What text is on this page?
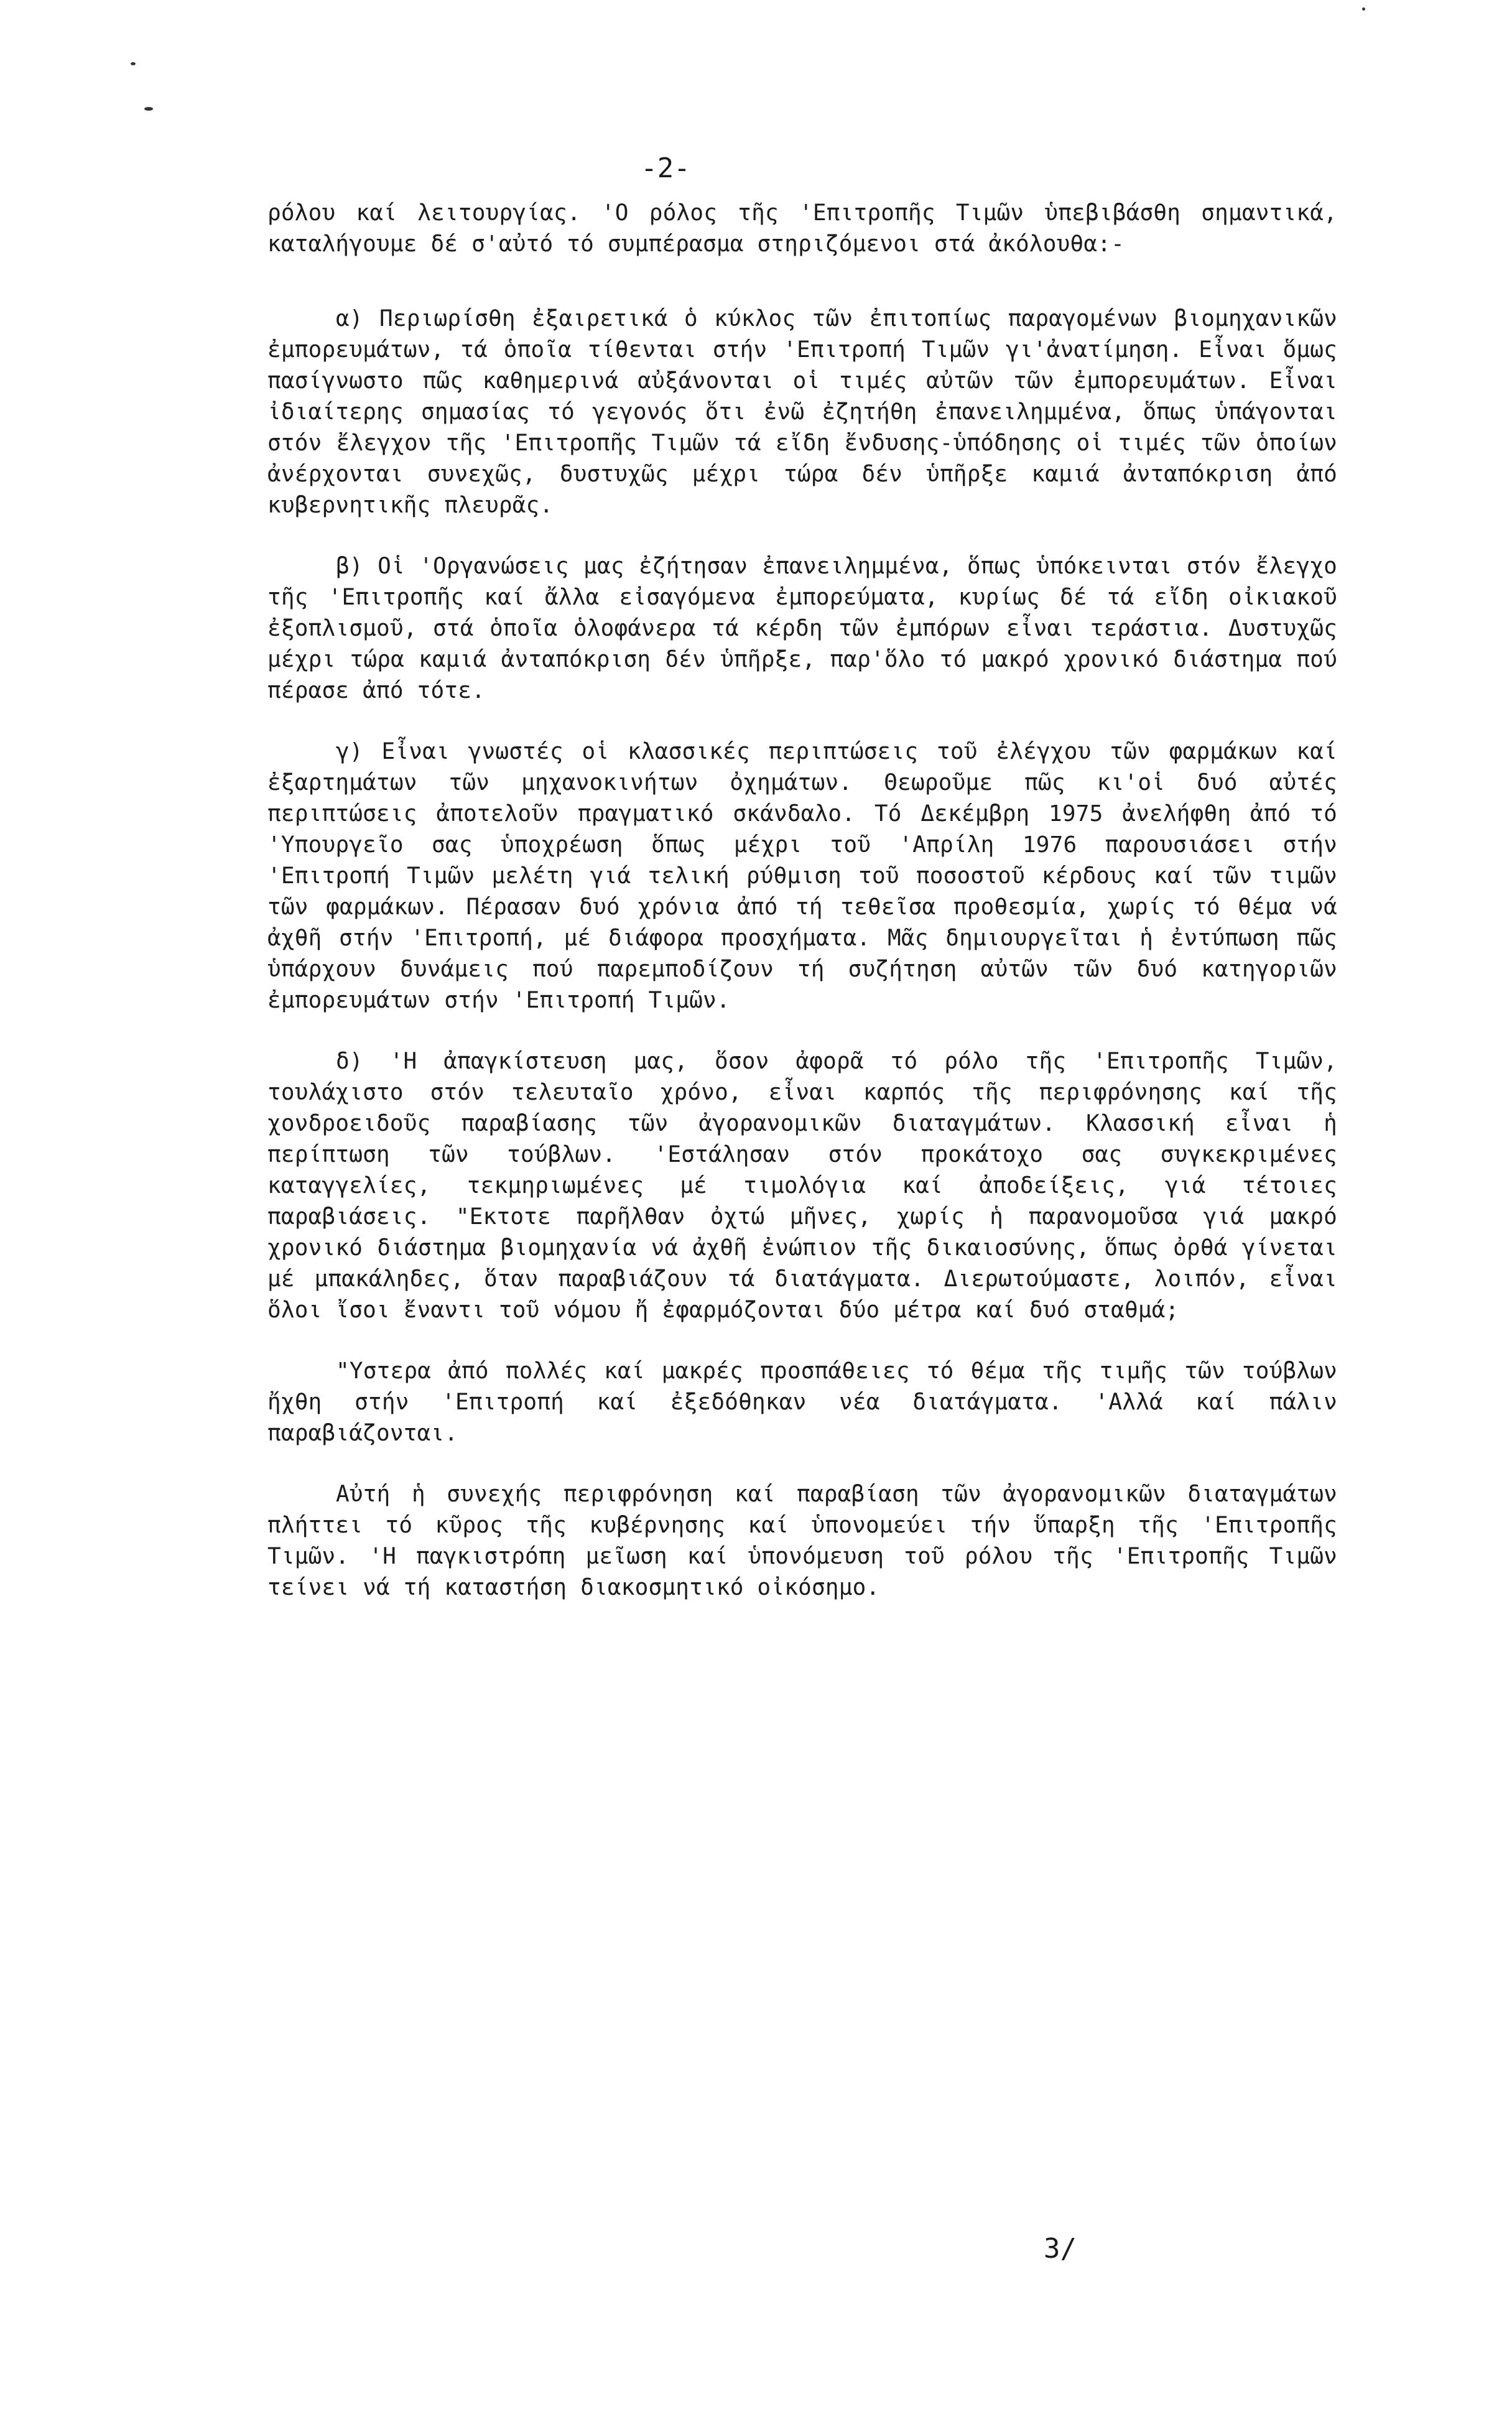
-2-

ρόλου καί λειτουργίας. 'Ο ρόλος τῆς 'Επιτροπῆς Τιμῶν ὑπεβιβάσθη σημαντικά, καταλήγουμε δέ σ'αὐτό τό συμπέρασμα στηριζόμενοι στά ἀκόλουθα:-

α) Περιωρίσθη ἐξαιρετικά ὁ κύκλος τῶν ἐπιτοπίως παραγομένων βιομηχανικῶν ἐμπορευμάτων, τά ὁποῖα τίθενται στήν 'Επιτροπή Τιμῶν γι'ἀνατίμηση. Εἶναι ὅμως πασίγνωστο πῶς καθημερινά αὐξάνονται οἱ τιμές αὐτῶν τῶν ἐμπορευμάτων. Εἶναι ἰδιαίτερης σημασίας τό γεγονός ὅτι ἐνῶ ἐζητήθη ἐπανειλημμένα, ὅπως ὑπάγονται στόν ἔλεγχον τῆς 'Επιτροπῆς Τιμῶν τά εἴδη ἔνδυσης-ὑπόδησης οἱ τιμές τῶν ὁποίων ἀνέρχονται συνεχῶς, δυστυχῶς μέχρι τώρα δέν ὑπῆρξε καμιά ἀνταπόκριση ἀπό κυβερνητικῆς πλευρᾶς.

β) Οἱ 'Οργανώσεις μας ἐζήτησαν ἐπανειλημμένα, ὅπως ὑπόκεινται στόν ἔλεγχο τῆς 'Επιτροπῆς καί ἄλλα εἰσαγόμενα ἐμπορεύματα, κυρίως δέ τά εἴδη οἰκιακοῦ ἐξοπλισμοῦ, στά ὁποῖα ὁλοφάνερα τά κέρδη τῶν ἐμπόρων εἶναι τεράστια. Δυστυχῶς μέχρι τώρα καμιά ἀνταπόκριση δέν ὑπῆρξε, παρ'ὅλο τό μακρό χρονικό διάστημα πού πέρασε ἀπό τότε.

γ) Εἶναι γνωστές οἱ κλασσικές περιπτώσεις τοῦ ἐλέγχου τῶν φαρμάκων καί ἐξαρτημάτων τῶν μηχανοκινήτων ὀχημάτων. Θεωροῦμε πῶς κι'οἱ δυό αὐτές περιπτώσεις ἀποτελοῦν πραγματικό σκάνδαλο. Τό Δεκέμβρη 1975 ἀνελήφθη ἀπό τό 'Υπουργεῖο σας ὑποχρέωση ὅπως μέχρι τοῦ 'Απρίλη 1976 παρουσιάσει στήν 'Επιτροπή Τιμῶν μελέτη γιά τελική ρύθμιση τοῦ ποσοστοῦ κέρδους καί τῶν τιμῶν τῶν φαρμάκων. Πέρασαν δυό χρόνια ἀπό τή τεθεῖσα προθεσμία, χωρίς τό θέμα νά ἀχθῆ στήν 'Επιτροπή, μέ διάφορα προσχήματα. Μᾶς δημιουργεῖται ἡ ἐντύπωση πῶς ὑπάρχουν δυνάμεις πού παρεμποδίζουν τή συζήτηση αὐτῶν τῶν δυό κατηγοριῶν ἐμπορευμάτων στήν 'Επιτροπή Τιμῶν.

δ) 'Η ἀπαγκίστευση μας, ὅσον ἀφορᾶ τό ρόλο τῆς 'Επιτροπῆς Τιμῶν, τουλάχιστο στόν τελευταῖο χρόνο, εἶναι καρπός τῆς περιφρόνησης καί τῆς χονδροειδοῦς παραβίασης τῶν ἀγορανομικῶν διαταγμάτων. Κλασσική εἶναι ἡ περίπτωση τῶν τούβλων. 'Εστάλησαν στόν προκάτοχο σας συγκεκριμένες καταγγελίες, τεκμηριωμένες μέ τιμολόγια καί ἀποδείξεις, γιά τέτοιες παραβιάσεις. "Εκτοτε παρῆλθαν ὀχτώ μῆνες, χωρίς ἡ παρανομοῦσα γιά μακρό χρονικό διάστημα βιομηχανία νά ἀχθῆ ἐνώπιον τῆς δικαιοσύνης, ὅπως ὀρθά γίνεται μέ μπακάληδες, ὅταν παραβιάζουν τά διατάγματα. Διερωτούμαστε, λοιπόν, εἶναι ὅλοι ἴσοι ἔναντι τοῦ νόμου ἤ ἐφαρμόζονται δύο μέτρα καί δυό σταθμά;

"Υστερα ἀπό πολλές καί μακρές προσπάθειες τό θέμα τῆς τιμῆς τῶν τούβλων ἤχθη στήν 'Επιτροπή καί ἐξεδόθηκαν νέα διατάγματα. 'Αλλά καί πάλιν παραβιάζονται.

Αὐτή ἡ συνεχής περιφρόνηση καί παραβίαση τῶν ἀγορανομικῶν διαταγμάτων πλήττει τό κῦρος τῆς κυβέρνησης καί ὑπονομεύει τήν ὕπαρξη τῆς 'Επιτροπῆς Τιμῶν. 'Η παγκιστρόπη μεῖωση καί ὑπονόμευση τοῦ ρόλου τῆς 'Επιτροπῆς Τιμῶν τείνει νά τή καταστήση διακοσμητικό οἰκόσημο.

3/
